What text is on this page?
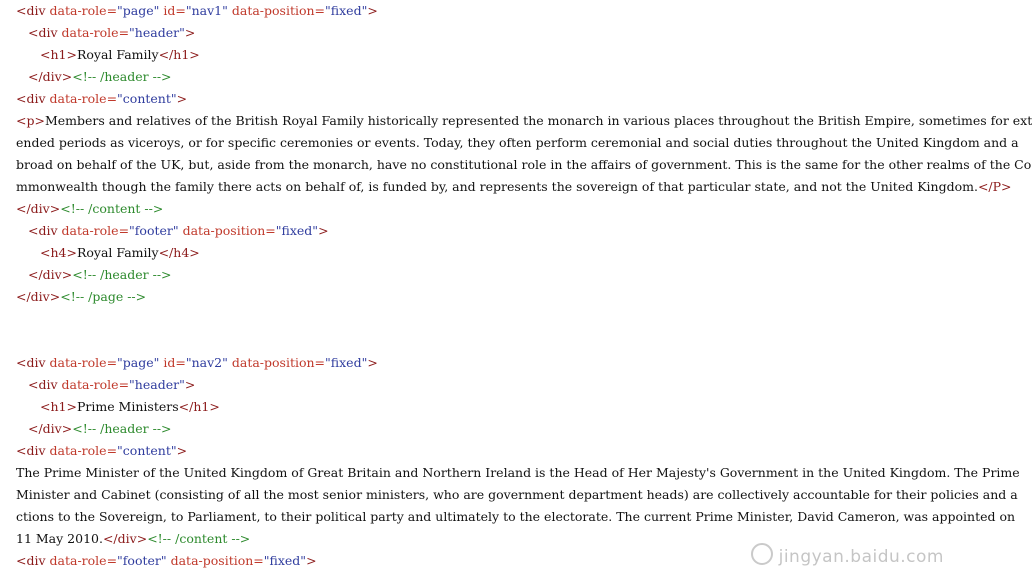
<div data-role="page" id="nav1" data-position="fixed">
<div data-role="header">
<h1>Royal Family</h1>
</div><!-- /header -->
<div data-role="content">
<p>Members and relatives of the British Royal Family historically represented the monarch in various places throughout the British Empire, sometimes for ext
ended periods as viceroys, or for specific ceremonies or events. Today, they often perform ceremonial and social duties throughout the United Kingdom and a
broad on behalf of the UK, but, aside from the monarch, have no constitutional role in the affairs of government. This is the same for the other realms of the Co
mmonwealth though the family there acts on behalf of, is funded by, and represents the sovereign of that particular state, and not the United Kingdom.</P>
</div><!-- /content -->
<div data-role="footer" data-position="fixed">
<h4>Royal Family</h4>
</div><!-- /header -->
</div><!-- /page -->
<div data-role="page" id="nav2" data-position="fixed">
<div data-role="header">
<h1>Prime Ministers</h1>
</div><!-- /header -->
<div data-role="content">
The Prime Minister of the United Kingdom of Great Britain and Northern Ireland is the Head of Her Majesty's Government in the United Kingdom. The Prime
Minister and Cabinet (consisting of all the most senior ministers, who are government department heads) are collectively accountable for their policies and a
ctions to the Sovereign, to Parliament, to their political party and ultimately to the electorate. The current Prime Minister, David Cameron, was appointed on
11 May 2010.</div><!-- /content -->
<div data-role="footer" data-position="fixed">	jingyan.baidu.com
